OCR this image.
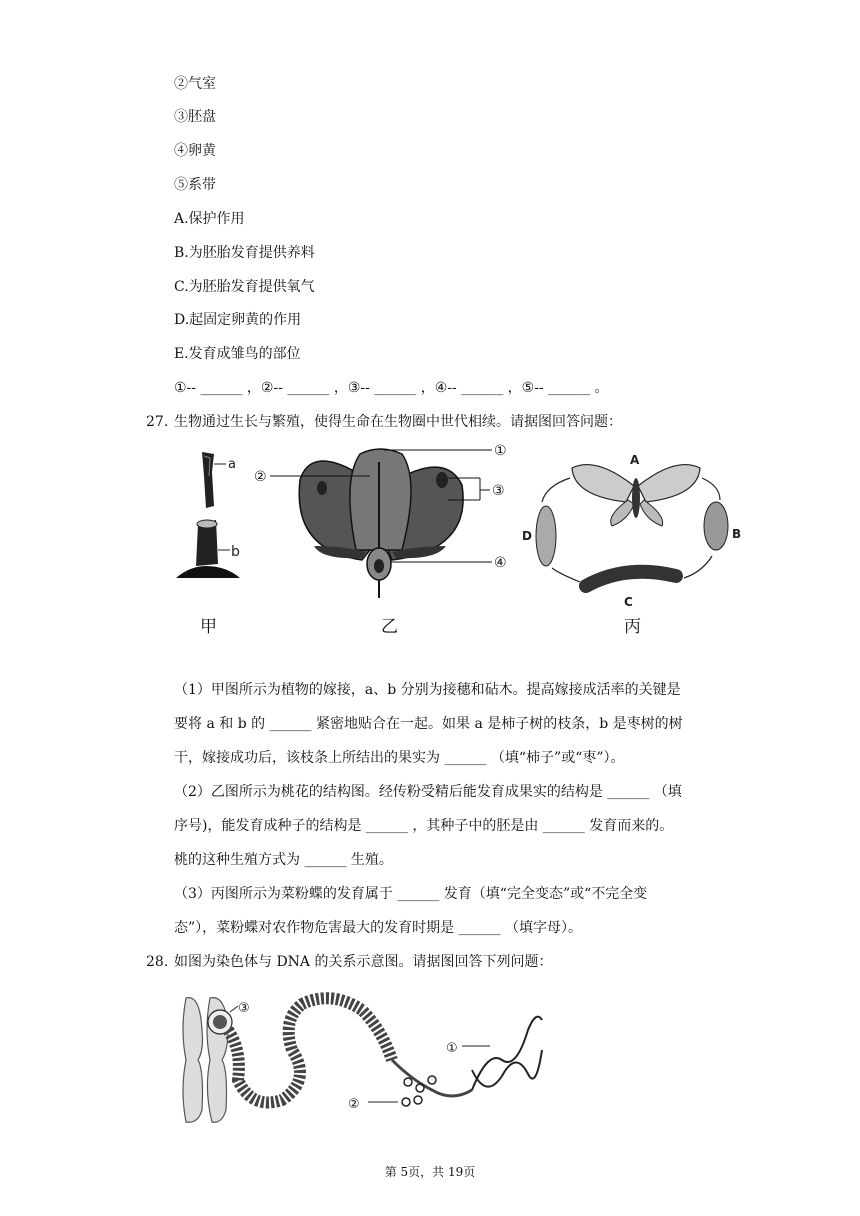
②气室
③胚盘
④卵黄
⑤系带
A.保护作用
B.为胚胎发育提供养料
C.为胚胎发育提供氧气
D.起固定卵黄的作用
E.发育成雏鸟的部位
①-- ______ ，②-- ______ ，③-- ______ ，④-- ______ ，⑤-- ______ 。
27. 生物通过生长与繁殖，使得生命在生物圈中世代相续。请据图回答问题：
a
b
甲
①
②
③
④
乙
A
B
C
D
丙
（1）甲图所示为植物的嫁接，a、b 分别为接穗和砧木。提高嫁接成活率的关键是
要将 a 和 b 的 ______ 紧密地贴合在一起。如果 a 是柿子树的枝条，b 是枣树的树
干，嫁接成功后，该枝条上所结出的果实为 ______ （填“柿子”或“枣”）。
（2）乙图所示为桃花的结构图。经传粉受精后能发育成果实的结构是 ______ （填
序号)，能发育成种子的结构是 ______ ，其种子中的胚是由 ______ 发育而来的。
桃的这种生殖方式为 ______ 生殖。
（3）丙图所示为菜粉蝶的发育属于 ______ 发育（填“完全变态”或“不完全变
态”），菜粉蝶对农作物危害最大的发育时期是 ______ （填字母）。
28. 如图为染色体与 DNA 的关系示意图。请据图回答下列问题：
③
②
①
第 5页，共 19页
